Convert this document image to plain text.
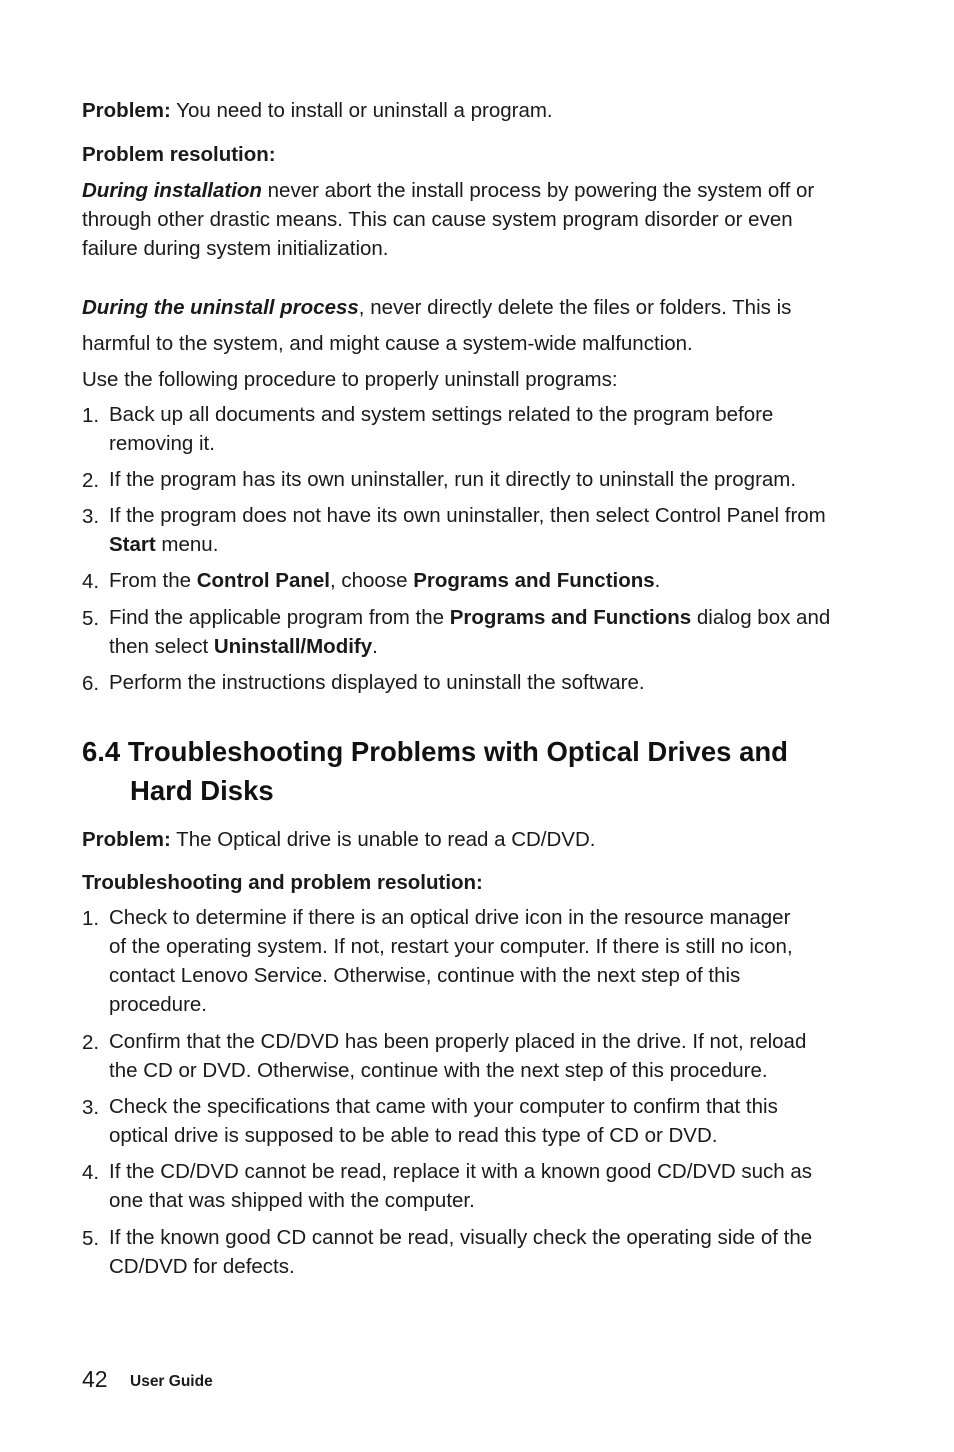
Problem: You need to install or uninstall a program.
Problem resolution:
During installation never abort the install process by powering the system off or
through other drastic means. This can cause system program disorder or even
failure during system initialization.
During the uninstall process, never directly delete the files or folders. This is
harmful to the system, and might cause a system-wide malfunction.
Use the following procedure to properly uninstall programs:
1. Back up all documents and system settings related to the program before
removing it.
2. If the program has its own uninstaller, run it directly to uninstall the program.
3. If the program does not have its own uninstaller, then select Control Panel from
Start menu.
4. From the Control Panel, choose Programs and Functions.
5. Find the applicable program from the Programs and Functions dialog box and
then select Uninstall/Modify.
6. Perform the instructions displayed to uninstall the software.
6.4 Troubleshooting Problems with Optical Drives and
Hard Disks
Problem: The Optical drive is unable to read a CD/DVD.
Troubleshooting and problem resolution:
1. Check to determine if there is an optical drive icon in the resource manager
of the operating system. If not, restart your computer. If there is still no icon,
contact Lenovo Service. Otherwise, continue with the next step of this
procedure.
2. Confirm that the CD/DVD has been properly placed in the drive. If not, reload
the CD or DVD. Otherwise, continue with the next step of this procedure.
3. Check the specifications that came with your computer to confirm that this
optical drive is supposed to be able to read this type of CD or DVD.
4. If the CD/DVD cannot be read, replace it with a known good CD/DVD such as
one that was shipped with the computer.
5. If the known good CD cannot be read, visually check the operating side of the
CD/DVD for defects.
42 User Guide
